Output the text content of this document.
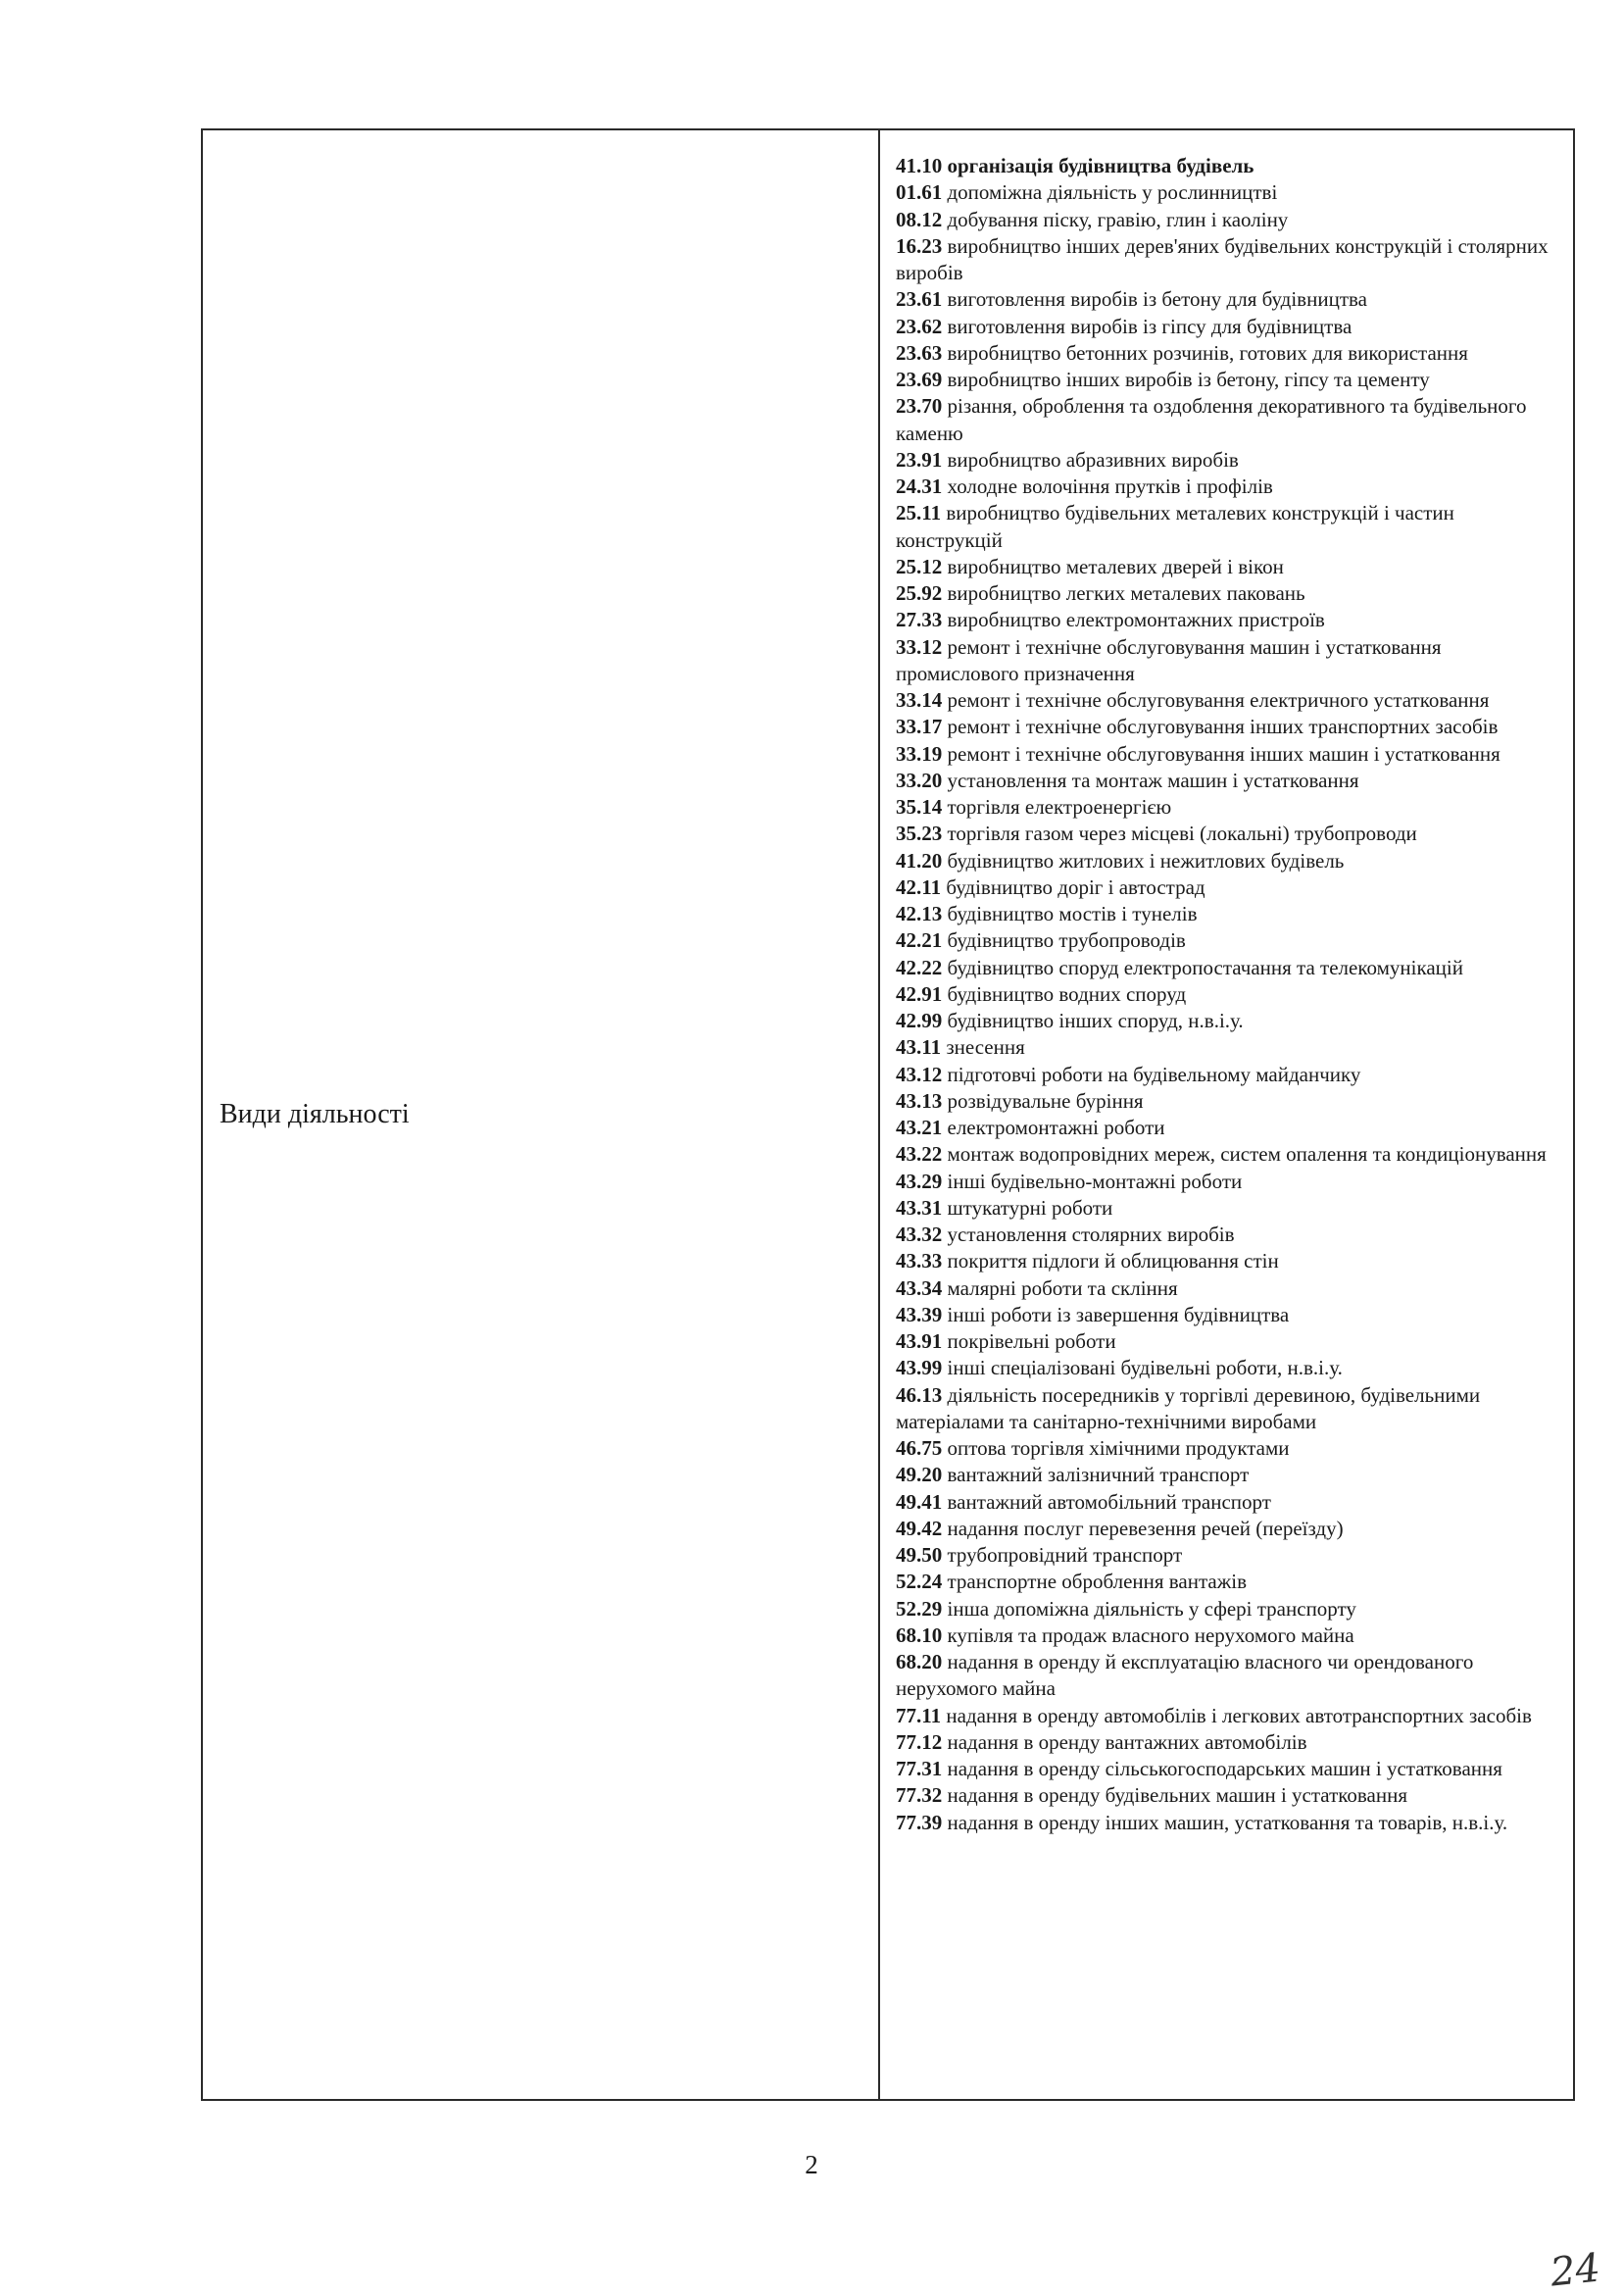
Види діяльності

41.10 організація будівництва будівель
01.61 допоміжна діяльність у рослинництві
08.12 добування піску, гравію, глин і каоліну
16.23 виробництво інших дерев'яних будівельних конструкцій і столярних виробів
23.61 виготовлення виробів із бетону для будівництва
23.62 виготовлення виробів із гіпсу для будівництва
23.63 виробництво бетонних розчинів, готових для використання
23.69 виробництво інших виробів із бетону, гіпсу та цементу
23.70 різання, оброблення та оздоблення декоративного та будівельного каменю
23.91 виробництво абразивних виробів
24.31 холодне волочіння прутків і профілів
25.11 виробництво будівельних металевих конструкцій і частин конструкцій
25.12 виробництво металевих дверей і вікон
25.92 виробництво легких металевих паковань
27.33 виробництво електромонтажних пристроїв
33.12 ремонт і технічне обслуговування машин і устатковання промислового призначення
33.14 ремонт і технічне обслуговування електричного устатковання
33.17 ремонт і технічне обслуговування інших транспортних засобів
33.19 ремонт і технічне обслуговування інших машин і устатковання
33.20 установлення та монтаж машин і устатковання
35.14 торгівля електроенергією
35.23 торгівля газом через місцеві (локальні) трубопроводи
41.20 будівництво житлових і нежитлових будівель
42.11 будівництво доріг і автострад
42.13 будівництво мостів і тунелів
42.21 будівництво трубопроводів
42.22 будівництво споруд електропостачання та телекомунікацій
42.91 будівництво водних споруд
42.99 будівництво інших споруд, н.в.і.у.
43.11 знесення
43.12 підготовчі роботи на будівельному майданчику
43.13 розвідувальне буріння
43.21 електромонтажні роботи
43.22 монтаж водопровідних мереж, систем опалення та кондиціонування
43.29 інші будівельно-монтажні роботи
43.31 штукатурні роботи
43.32 установлення столярних виробів
43.33 покриття підлоги й облицювання стін
43.34 малярні роботи та скління
43.39 інші роботи із завершення будівництва
43.91 покрівельні роботи
43.99 інші спеціалізовані будівельні роботи, н.в.і.у.
46.13 діяльність посередників у торгівлі деревиною, будівельними матеріалами та санітарно-технічними виробами
46.75 оптова торгівля хімічними продуктами
49.20 вантажний залізничний транспорт
49.41 вантажний автомобільний транспорт
49.42 надання послуг перевезення речей (переїзду)
49.50 трубопровідний транспорт
52.24 транспортне оброблення вантажів
52.29 інша допоміжна діяльність у сфері транспорту
68.10 купівля та продаж власного нерухомого майна
68.20 надання в оренду й експлуатацію власного чи орендованого нерухомого майна
77.11 надання в оренду автомобілів і легкових автотранспортних засобів
77.12 надання в оренду вантажних автомобілів
77.31 надання в оренду сільськогосподарських машин і устатковання
77.32 надання в оренду будівельних машин і устатковання
77.39 надання в оренду інших машин, устатковання та товарів, н.в.і.у.
2
24
